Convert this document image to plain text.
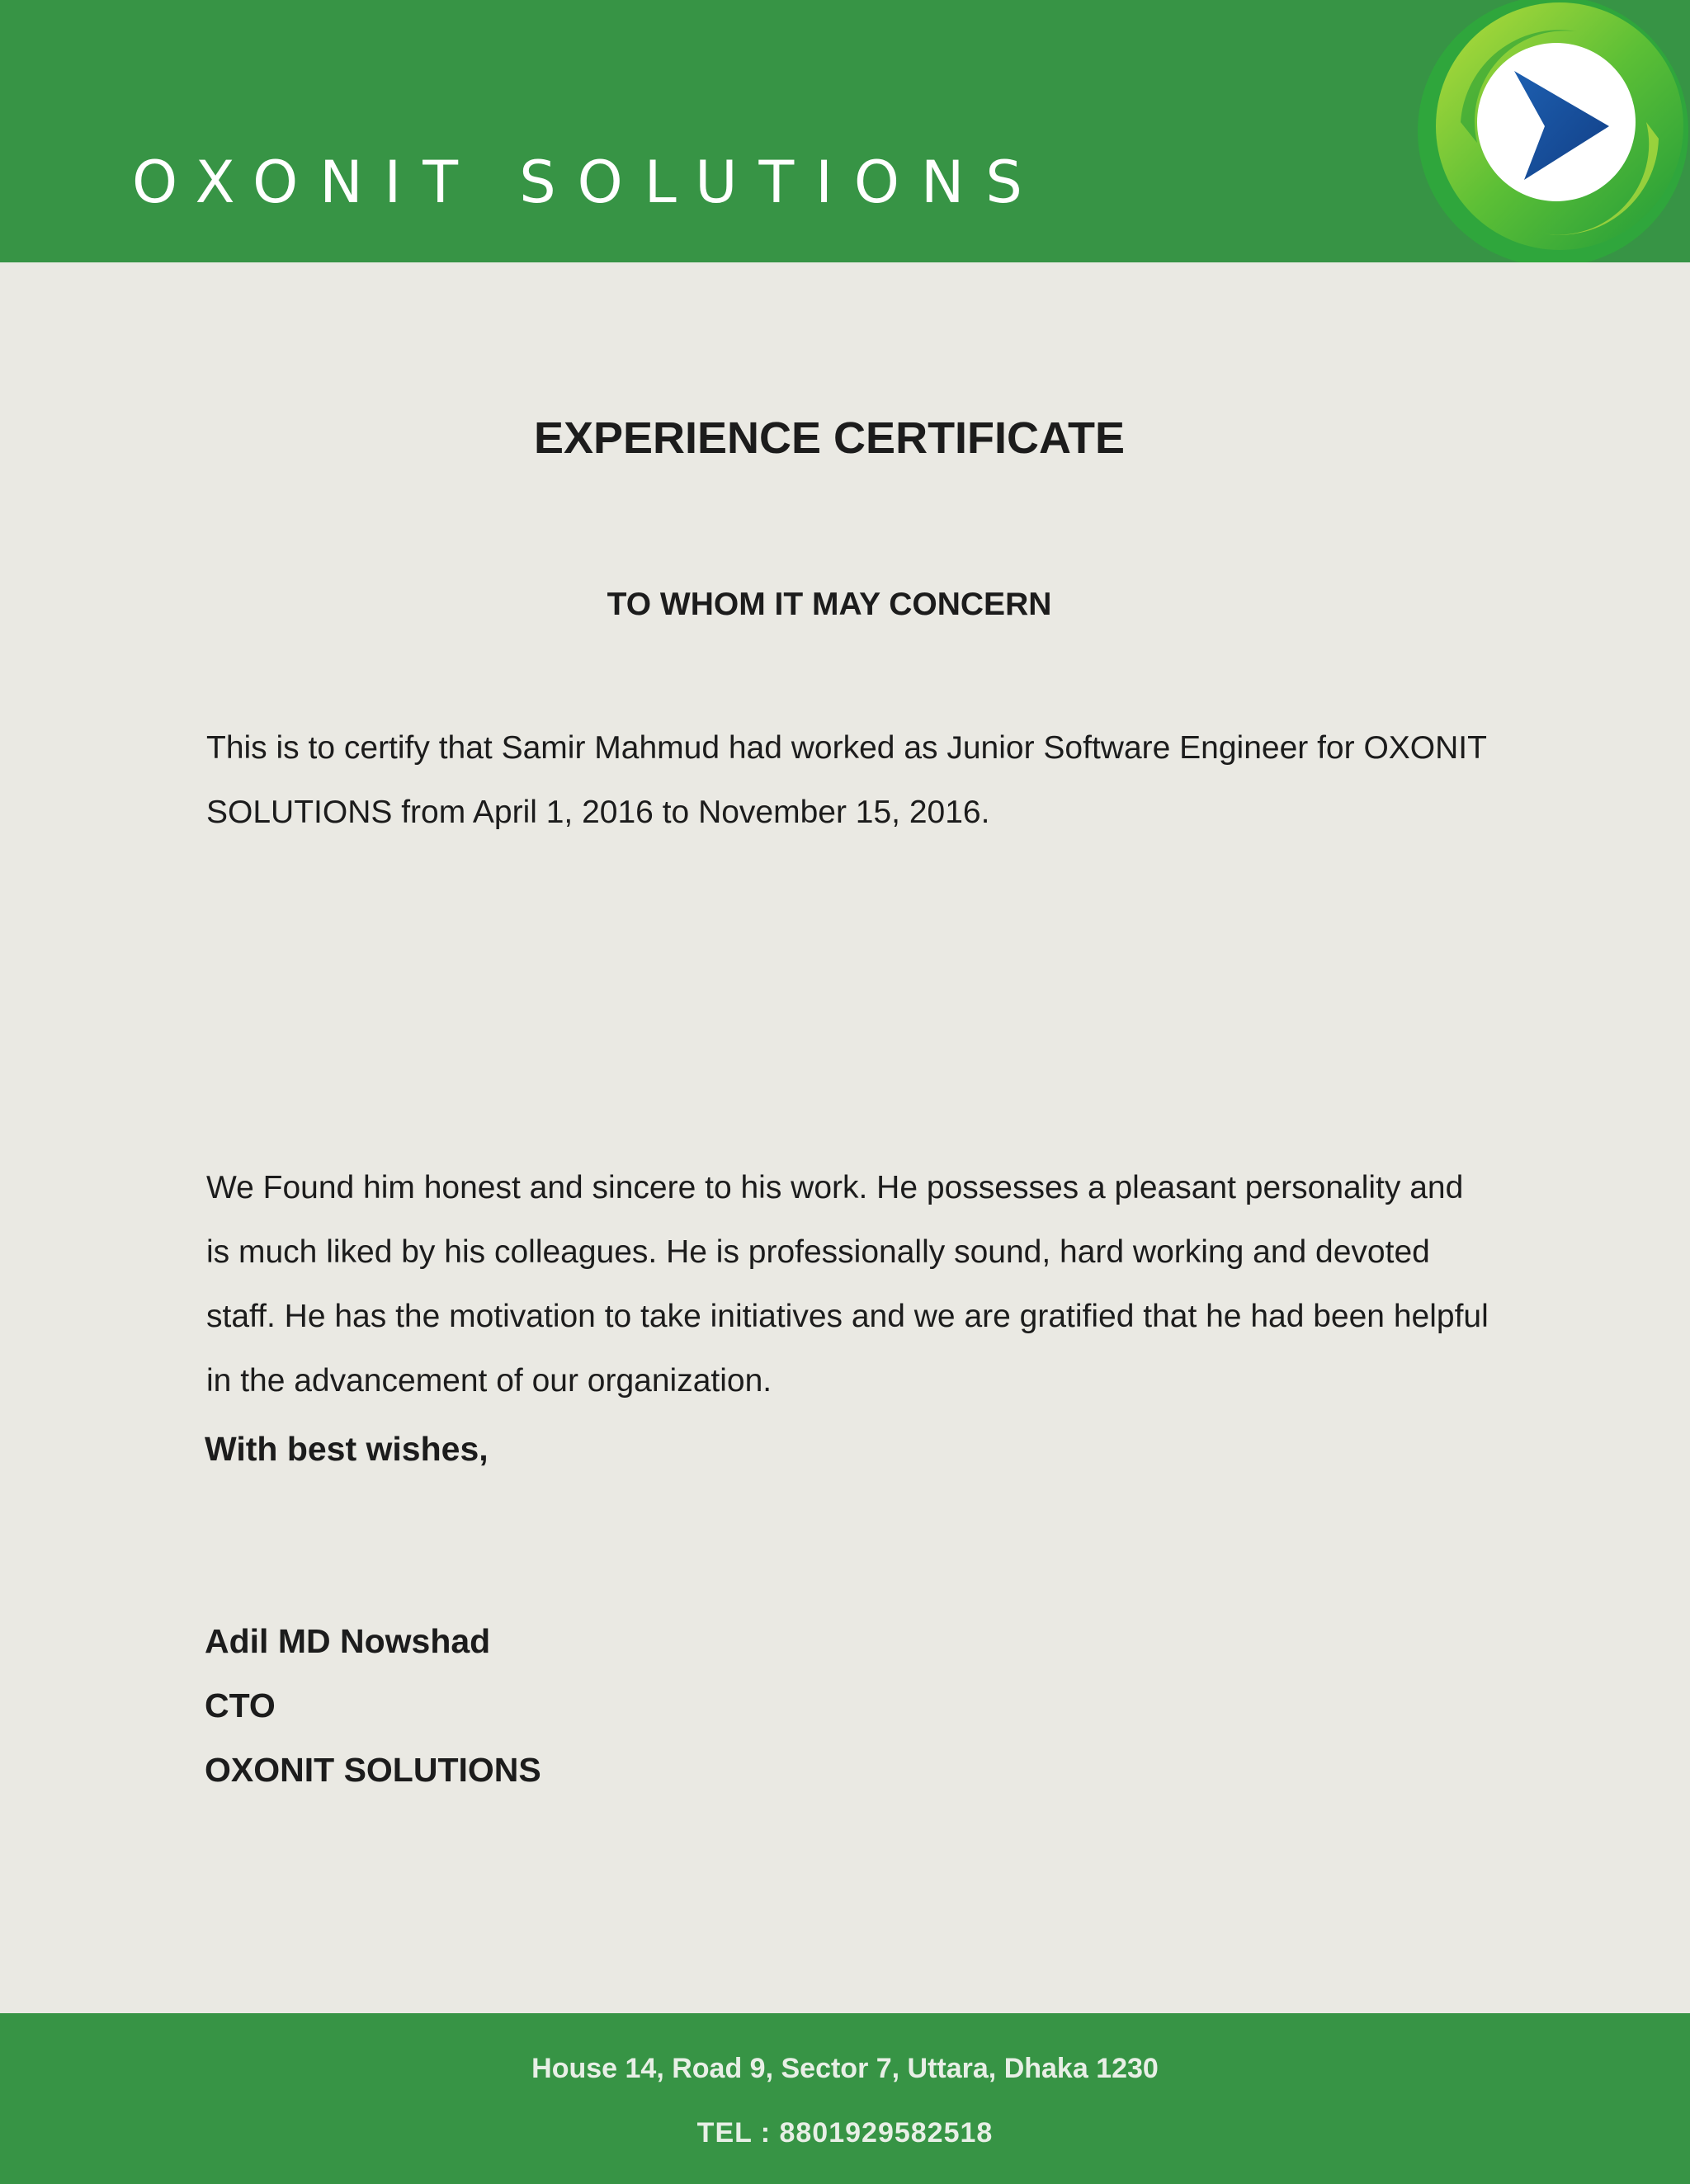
OXONIT SOLUTIONS
EXPERIENCE CERTIFICATE
TO WHOM IT MAY CONCERN

This is to certify that Samir Mahmud had worked as Junior Software Engineer for OXONIT SOLUTIONS from April 1, 2016 to November 15, 2016.

We Found him honest and sincere to his work. He possesses a pleasant personality and is much liked by his colleagues. He is professionally sound, hard working and devoted staff. He has the motivation to take initiatives and we are gratified that he had been helpful in the advancement of our organization.

With best wishes,
Adil MD Nowshad
CTO
OXONIT SOLUTIONS
House 14, Road 9, Sector 7, Uttara, Dhaka 1230
TEL : 8801929582518
